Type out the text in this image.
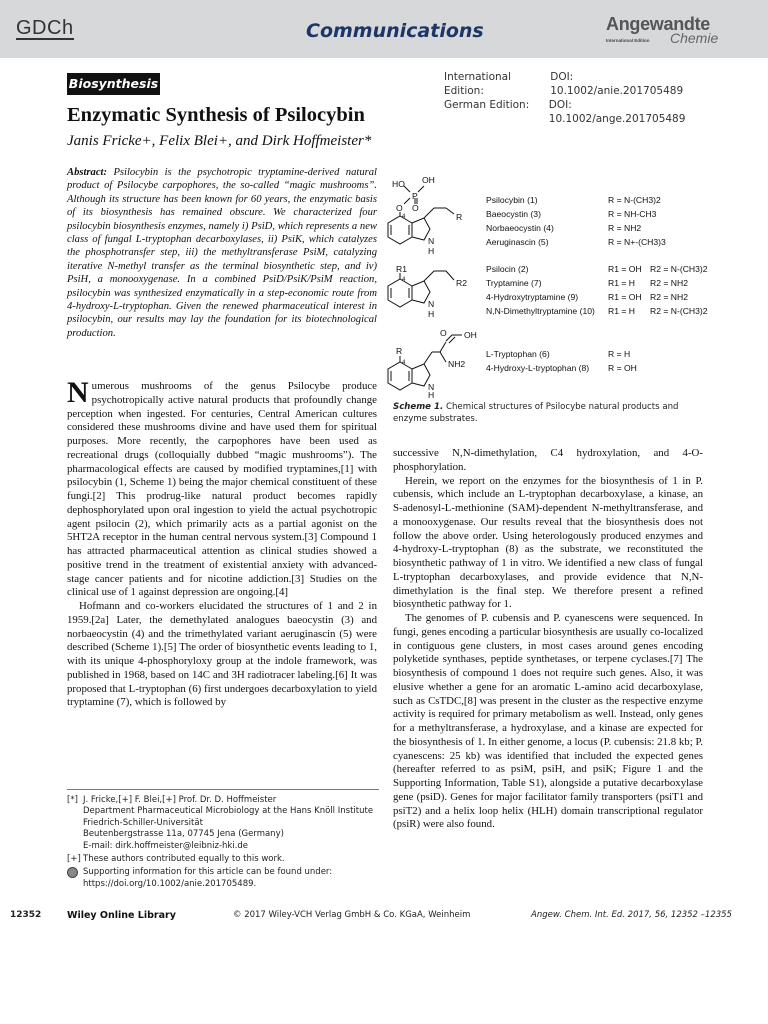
GDCh	Communications	Angewandte
Chemie
International Edition
Biosynthesis	International Edition:
DOI: 10.1002/anie.201705489
German Edition:	DOI: 10.1002/ange.201705489
Enzymatic Synthesis of Psilocybin
Janis Fricke+, Felix Blei+, and Dirk Hoffmeister*
Abstract: Psilocybin is the psychotropic tryptamine-derived natural product of Psilocybe carpophores, the so-called “magic mushrooms”. Although its structure has been known for 60 years, the enzymatic basis of its biosynthesis has remained obscure. We characterized four psilocybin biosynthesis enzymes, namely i) PsiD, which represents a new class of fungal L-tryptophan decarboxylases, ii) PsiK, which catalyzes the phosphotransfer step, iii) the methyltransferase PsiM, catalyzing iterative N-methyl transfer as the terminal biosynthetic step, and iv) PsiH, a monooxygenase. In a combined PsiD/PsiK/PsiM reaction, psilocybin was synthesized enzymatically in a step-economic route from 4-hydroxy-L-tryptophan. Given the renewed pharmaceutical interest in psilocybin, our results may lay the foundation for its biotechnological production.

Numerous mushrooms of the genus Psilocybe produce psychotropically active natural products that profoundly change perception when ingested. For centuries, Central American cultures considered these mushrooms divine and have used them for spiritual purposes. More recently, the carpophores have been used as recreational drugs (colloquially dubbed “magic mushrooms”). The pharmacological effects are caused by modified tryptamines,[1] with psilocybin (1, Scheme 1) being the major chemical constituent of these fungi.[2] This prodrug-like natural product becomes rapidly dephosphorylated upon oral ingestion to yield the actual psychotropic agent psilocin (2), which primarily acts as a partial agonist on the 5HT2A receptor in the human central nervous system.[3] Compound 1 has attracted pharmaceutical attention as clinical studies showed a positive trend in the treatment of existential anxiety with advanced-stage cancer patients and for nicotine addiction.[3] Studies on the clinical use of 1 against depression are ongoing.[4]

Hofmann and co-workers elucidated the structures of 1 and 2 in 1959.[2a] Later, the demethylated analogues baeocystin (3) and norbaeocystin (4) and the trimethylated variant aeruginascin (5) were described (Scheme 1).[5] The order of biosynthetic events leading to 1, with its unique 4-phosphoryloxy group at the indole framework, was published in 1968, based on 14C and 3H radiotracer labeling.[6] It was proposed that L-tryptophan (6) first undergoes decarboxylation to yield tryptamine (7), which is followed by

HO OH
P
O
O
R
4
N
H
R1
R2
4
N
H
O OH
NH2
R
4
N
H
Psilocybin (1)	R = N-(CH3)2
Baeocystin (3)	R = NH-CH3
Norbaeocystin (4)	R = NH2
Aeruginascin (5)	R = N+-(CH3)3
Psilocin (2)	R1 = OH R2 = N-(CH3)2
Tryptamine (7)	R1 = H R2 = NH2
4-Hydroxytryptamine (9)	R1 = OH R2 = NH2
N,N-Dimethyltryptamine (10) R1 = H R2 = N-(CH3)2
L-Tryptophan (6)	R = H
4-Hydroxy-L-tryptophan (8) R = OH
Scheme 1. Chemical structures of Psilocybe natural products and enzyme substrates.

successive N,N-dimethylation, C4 hydroxylation, and 4-O-phosphorylation.

Herein, we report on the enzymes for the biosynthesis of 1 in P. cubensis, which include an L-tryptophan decarboxylase, a kinase, an S-adenosyl-L-methionine (SAM)-dependent N-methyltransferase, and a monooxygenase. Our results reveal that the biosynthesis does not follow the above order. Using heterologously produced enzymes and 4-hydroxy-L-tryptophan (8) as the substrate, we reconstituted the biosynthetic pathway of 1 in vitro. We identified a new class of fungal L-tryptophan decarboxylases, and provide evidence that N,N-dimethylation is the final step. We therefore present a refined biosynthetic pathway for 1.

The genomes of P. cubensis and P. cyanescens were sequenced. In fungi, genes encoding a particular biosynthesis are usually co-localized in contiguous gene clusters, in most cases around genes encoding polyketide synthases, peptide synthetases, or terpene cyclases.[7] The biosynthesis of compound 1 does not require such genes. Also, it was elusive whether a gene for an aromatic L-amino acid decarboxylase, such as CsTDC,[8] was present in the cluster as the respective enzyme activity is required for primary metabolism as well. Instead, only genes for a methyltransferase, a hydroxylase, and a kinase are expected for the biosynthesis of 1. In either genome, a locus (P. cubensis: 21.8 kb; P. cyanescens: 25 kb) was identified that included the expected genes (hereafter referred to as psiM, psiH, and psiK; Figure 1 and the Supporting Information, Table S1), alongside a putative decarboxylase gene (psiD). Genes for major facilitator family transporters (psiT1 and psiT2) and a helix loop helix (HLH) domain transcriptional regulator (psiR) were also found.

[*] J. Fricke,[+] F. Blei,[+] Prof. Dr. D. Hoffmeister
Department Pharmaceutical Microbiology at the Hans Knöll Institute
Friedrich-Schiller-Universität
Beutenbergstrasse 11a, 07745 Jena (Germany)
E-mail: dirk.hoffmeister@leibniz-hki.de
[+] These authors contributed equally to this work.
Supporting information for this article can be found under:
https://doi.org/10.1002/anie.201705489.
12352	Wiley Online Library	© 2017 Wiley-VCH Verlag GmbH & Co. KGaA, Weinheim	Angew. Chem. Int. Ed. 2017, 56, 12352 –12355
